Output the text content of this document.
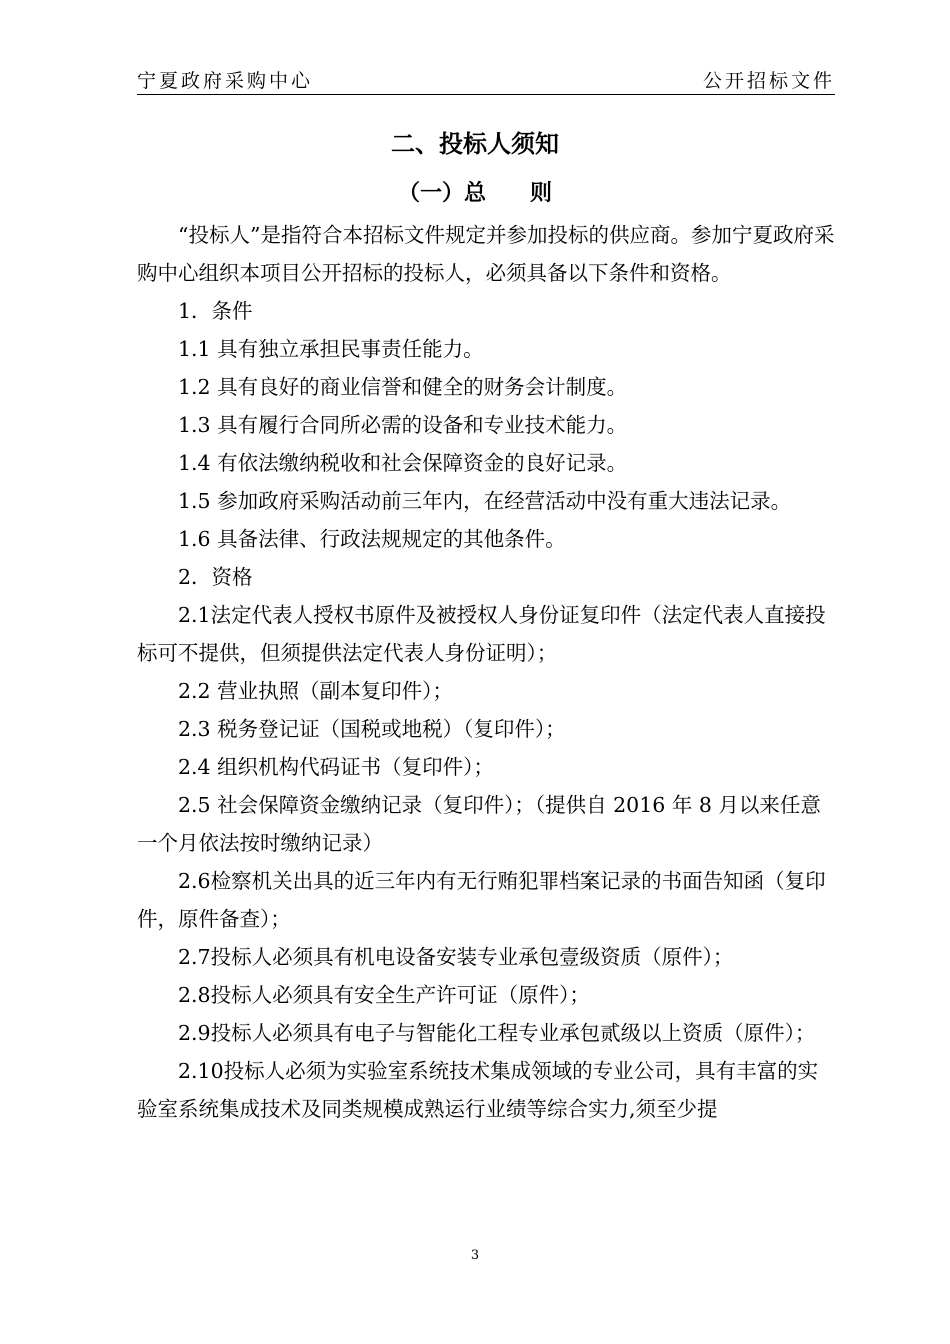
宁夏政府采购中心	公开招标文件
二、投标人须知
（一）总　　则

“投标人”是指符合本招标文件规定并参加投标的供应商。参加宁夏政府采购中心组织本项目公开招标的投标人，必须具备以下条件和资格。

1．条件

1.1 具有独立承担民事责任能力。

1.2 具有良好的商业信誉和健全的财务会计制度。

1.3 具有履行合同所必需的设备和专业技术能力。

1.4 有依法缴纳税收和社会保障资金的良好记录。

1.5 参加政府采购活动前三年内，在经营活动中没有重大违法记录。

1.6 具备法律、行政法规规定的其他条件。

2．资格

2.1法定代表人授权书原件及被授权人身份证复印件（法定代表人直接投标可不提供，但须提供法定代表人身份证明）；

2.2 营业执照（副本复印件）；

2.3 税务登记证（国税或地税）（复印件）；

2.4 组织机构代码证书（复印件）；

2.5 社会保障资金缴纳记录（复印件）；（提供自 2016 年 8 月以来任意一个月依法按时缴纳记录）

2.6检察机关出具的近三年内有无行贿犯罪档案记录的书面告知函（复印件，原件备查）；

2.7投标人必须具有机电设备安装专业承包壹级资质（原件）；

2.8投标人必须具有安全生产许可证（原件）；

2.9投标人必须具有电子与智能化工程专业承包贰级以上资质（原件）；

2.10投标人必须为实验室系统技术集成领域的专业公司，具有丰富的实验室系统集成技术及同类规模成熟运行业绩等综合实力,须至少提

3
